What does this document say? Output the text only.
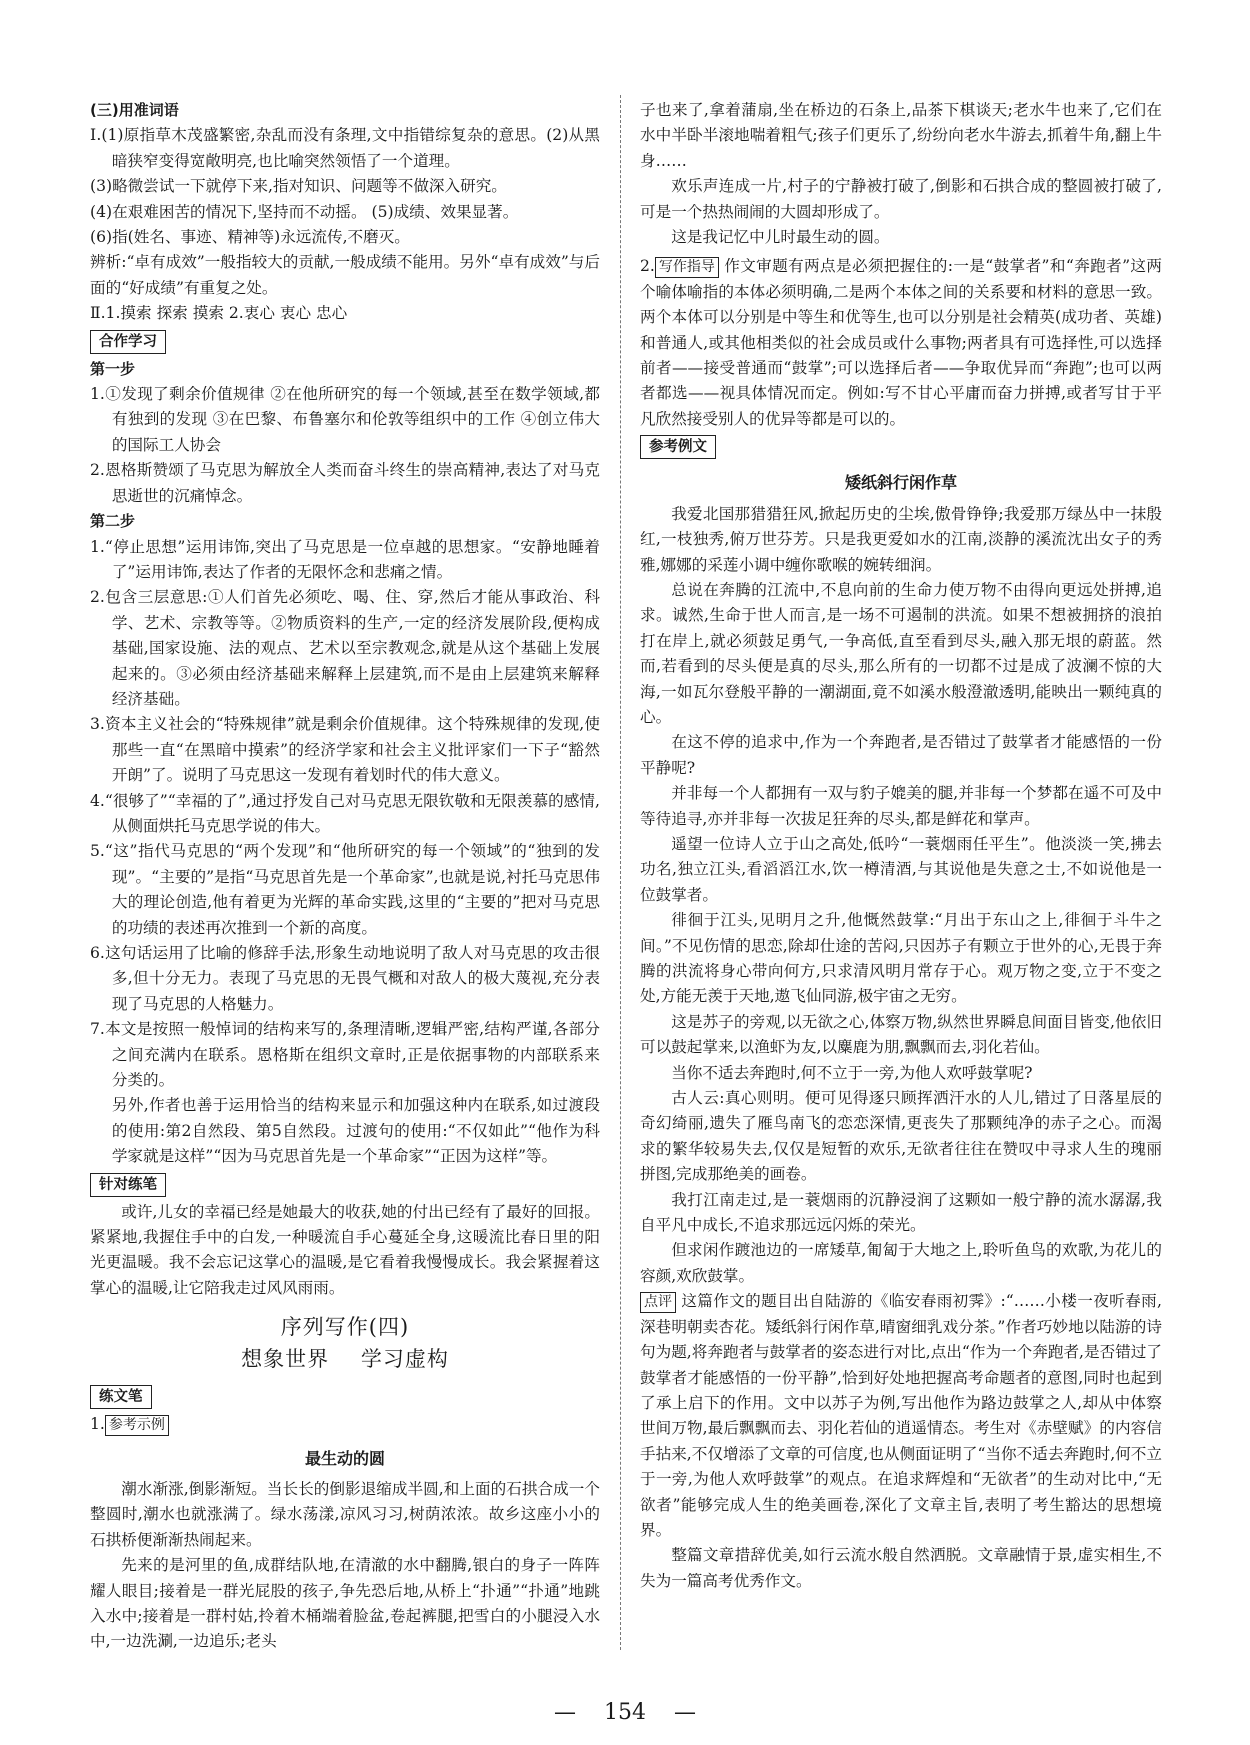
(三)用准词语

Ⅰ.(1)原指草木茂盛繁密,杂乱而没有条理,文中指错综复杂的意思。(2)从黑暗狭窄变得宽敞明亮,也比喻突然领悟了一个道理。

(3)略微尝试一下就停下来,指对知识、问题等不做深入研究。

(4)在艰难困苦的情况下,坚持而不动摇。 (5)成绩、效果显著。

(6)指(姓名、事迹、精神等)永远流传,不磨灭。

辨析:“卓有成效”一般指较大的贡献,一般成绩不能用。另外“卓有成效”与后面的“好成绩”有重复之处。

Ⅱ.1.摸索 探索 摸索 2.衷心 衷心 忠心

合作学习

第一步

1.①发现了剩余价值规律 ②在他所研究的每一个领域,甚至在数学领域,都有独到的发现 ③在巴黎、布鲁塞尔和伦敦等组织中的工作 ④创立伟大的国际工人协会

2.恩格斯赞颂了马克思为解放全人类而奋斗终生的崇高精神,表达了对马克思逝世的沉痛悼念。

第二步

1.“停止思想”运用讳饰,突出了马克思是一位卓越的思想家。“安静地睡着了”运用讳饰,表达了作者的无限怀念和悲痛之情。

2.包含三层意思:①人们首先必须吃、喝、住、穿,然后才能从事政治、科学、艺术、宗教等等。②物质资料的生产,一定的经济发展阶段,便构成基础,国家设施、法的观点、艺术以至宗教观念,就是从这个基础上发展起来的。③必须由经济基础来解释上层建筑,而不是由上层建筑来解释经济基础。

3.资本主义社会的“特殊规律”就是剩余价值规律。这个特殊规律的发现,使那些一直“在黑暗中摸索”的经济学家和社会主义批评家们一下子“豁然开朗”了。说明了马克思这一发现有着划时代的伟大意义。

4.“很够了”“幸福的了”,通过抒发自己对马克思无限钦敬和无限羡慕的感情,从侧面烘托马克思学说的伟大。

5.“这”指代马克思的“两个发现”和“他所研究的每一个领域”的“独到的发现”。“主要的”是指“马克思首先是一个革命家”,也就是说,衬托马克思伟大的理论创造,他有着更为光辉的革命实践,这里的“主要的”把对马克思的功绩的表述再次推到一个新的高度。

6.这句话运用了比喻的修辞手法,形象生动地说明了敌人对马克思的攻击很多,但十分无力。表现了马克思的无畏气概和对敌人的极大蔑视,充分表现了马克思的人格魅力。

7.本文是按照一般悼词的结构来写的,条理清晰,逻辑严密,结构严谨,各部分之间充满内在联系。恩格斯在组织文章时,正是依据事物的内部联系来分类的。

另外,作者也善于运用恰当的结构来显示和加强这种内在联系,如过渡段的使用:第2自然段、第5自然段。过渡句的使用:“不仅如此”“他作为科学家就是这样”“因为马克思首先是一个革命家”“正因为这样”等。

针对练笔

或许,儿女的幸福已经是她最大的收获,她的付出已经有了最好的回报。紧紧地,我握住手中的白发,一种暖流自手心蔓延全身,这暖流比春日里的阳光更温暖。我不会忘记这掌心的温暖,是它看着我慢慢成长。我会紧握着这掌心的温暖,让它陪我走过风风雨雨。

序列写作(四)
想象世界 学习虚构
练文笔

1. 参考示例

最生动的圆

潮水渐涨,倒影渐短。当长长的倒影退缩成半圆,和上面的石拱合成一个整圆时,潮水也就涨满了。绿水荡漾,凉风习习,树荫浓浓。故乡这座小小的石拱桥便渐渐热闹起来。

先来的是河里的鱼,成群结队地,在清澈的水中翻腾,银白的身子一阵阵耀人眼目;接着是一群光屁股的孩子,争先恐后地,从桥上“扑通”“扑通”地跳入水中;接着是一群村姑,拎着木桶端着脸盆,卷起裤腿,把雪白的小腿浸入水中,一边洗涮,一边追乐;老头

子也来了,拿着蒲扇,坐在桥边的石条上,品茶下棋谈天;老水牛也来了,它们在水中半卧半滚地喘着粗气;孩子们更乐了,纷纷向老水牛游去,抓着牛角,翻上牛身……

欢乐声连成一片,村子的宁静被打破了,倒影和石拱合成的整圆被打破了,可是一个热热闹闹的大圆却形成了。

这是我记忆中儿时最生动的圆。

2. 写作指导 作文审题有两点是必须把握住的:一是“鼓掌者”和“奔跑者”这两个喻体喻指的本体必须明确,二是两个本体之间的关系要和材料的意思一致。两个本体可以分别是中等生和优等生,也可以分别是社会精英(成功者、英雄)和普通人,或其他相类似的社会成员或什么事物;两者具有可选择性,可以选择前者——接受普通而“鼓掌”;可以选择后者——争取优异而“奔跑”;也可以两者都选——视具体情况而定。例如:写不甘心平庸而奋力拼搏,或者写甘于平凡欣然接受别人的优异等都是可以的。

参考例文
矮纸斜行闲作草

我爱北国那猎猎狂风,掀起历史的尘埃,傲骨铮铮;我爱那万绿丛中一抹殷红,一枝独秀,俯万世芬芳。只是我更爱如水的江南,淡静的溪流沈出女子的秀雅,娜娜的采莲小调中缠你歌喉的婉转细润。

总说在奔腾的江流中,不息向前的生命力使万物不由得向更远处拼搏,追求。诚然,生命于世人而言,是一场不可遏制的洪流。如果不想被拥挤的浪拍打在岸上,就必须鼓足勇气,一争高低,直至看到尽头,融入那无垠的蔚蓝。然而,若看到的尽头便是真的尽头,那么所有的一切都不过是成了波澜不惊的大海,一如瓦尔登般平静的一潮湖面,竟不如溪水般澄澈透明,能映出一颗纯真的心。

在这不停的追求中,作为一个奔跑者,是否错过了鼓掌者才能感悟的一份平静呢?

并非每一个人都拥有一双与豹子媲美的腿,并非每一个梦都在遥不可及中等待追寻,亦并非每一次拔足狂奔的尽头,都是鲜花和掌声。

遥望一位诗人立于山之高处,低吟“一蓑烟雨任平生”。他淡淡一笑,拂去功名,独立江头,看滔滔江水,饮一樽清酒,与其说他是失意之士,不如说他是一位鼓掌者。

徘徊于江头,见明月之升,他慨然鼓掌:“月出于东山之上,徘徊于斗牛之间。”不见伤情的思恋,除却仕途的苦闷,只因苏子有颗立于世外的心,无畏于奔腾的洪流将身心带向何方,只求清风明月常存于心。观万物之变,立于不变之处,方能无羡于天地,遨飞仙同游,极宇宙之无穷。

这是苏子的旁观,以无欲之心,体察万物,纵然世界瞬息间面目皆变,他依旧可以鼓起掌来,以渔虾为友,以麋鹿为朋,飘飘而去,羽化若仙。

当你不适去奔跑时,何不立于一旁,为他人欢呼鼓掌呢?

古人云:真心则明。便可见得逐只顾挥洒汗水的人儿,错过了日落星辰的奇幻绮丽,遗失了雁鸟南飞的恋恋深情,更丧失了那颗纯净的赤子之心。而渴求的繁华较易失去,仅仅是短暂的欢乐,无欲者往往在赞叹中寻求人生的瑰丽拼图,完成那绝美的画卷。

我打江南走过,是一蓑烟雨的沉静浸润了这颗如一般宁静的流水潺潺,我自平凡中成长,不追求那远远闪烁的荣光。

但求闲作踱池边的一席矮草,匍匐于大地之上,聆听鱼鸟的欢歌,为花儿的容颜,欢欣鼓掌。

点评 这篇作文的题目出自陆游的《临安春雨初霁》:“……小楼一夜听春雨,深巷明朝卖杏花。矮纸斜行闲作草,晴窗细乳戏分茶。”作者巧妙地以陆游的诗句为题,将奔跑者与鼓掌者的姿态进行对比,点出“作为一个奔跑者,是否错过了鼓掌者才能感悟的一份平静”,恰到好处地把握高考命题者的意图,同时也起到了承上启下的作用。文中以苏子为例,写出他作为路边鼓掌之人,却从中体察世间万物,最后飘飘而去、羽化若仙的逍遥情态。考生对《赤壁赋》的内容信手拈来,不仅增添了文章的可信度,也从侧面证明了“当你不适去奔跑时,何不立于一旁,为他人欢呼鼓掌”的观点。在追求辉煌和“无欲者”的生动对比中,“无欲者”能够完成人生的绝美画卷,深化了文章主旨,表明了考生豁达的思想境界。

整篇文章措辞优美,如行云流水般自然洒脱。文章融情于景,虚实相生,不失为一篇高考优秀作文。

— 154 —
